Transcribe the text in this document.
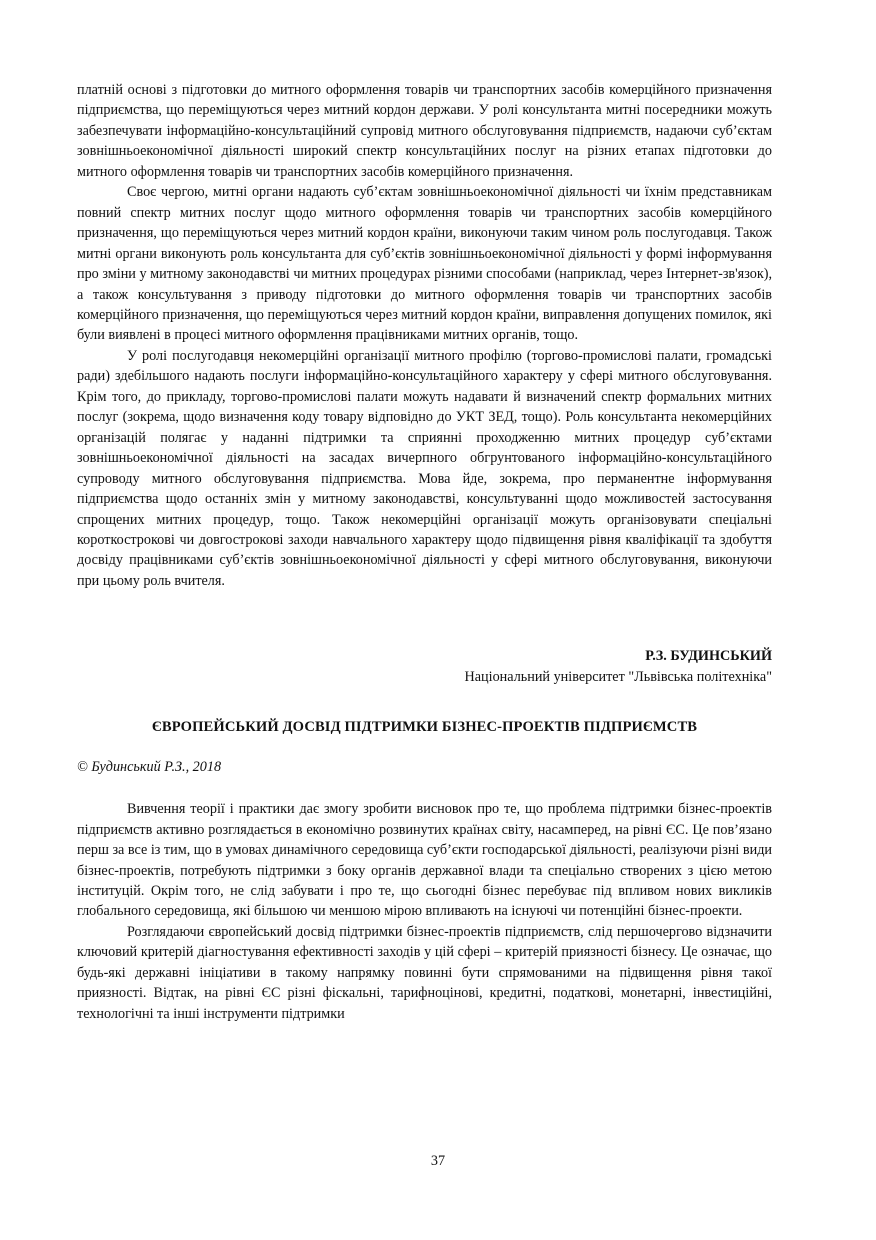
платній основі з підготовки до митного оформлення товарів чи транспортних засобів комерційного призначення підприємства, що переміщуються через митний кордон держави. У ролі консультанта митні посередники можуть забезпечувати інформаційно-консультаційний супровід митного обслуговування підприємств, надаючи суб’єктам зовнішньоекономічної діяльності широкий спектр консультаційних послуг на різних етапах підготовки до митного оформлення товарів чи транспортних засобів комерційного призначення.

Своє чергою, митні органи надають суб’єктам зовнішньоекономічної діяльності чи їхнім представникам повний спектр митних послуг щодо митного оформлення товарів чи транспортних засобів комерційного призначення, що переміщуються через митний кордон країни, виконуючи таким чином роль послугодавця. Також митні органи виконують роль консультанта для суб’єктів зовнішньоекономічної діяльності у формі інформування про зміни у митному законодавстві чи митних процедурах різними способами (наприклад, через Інтернет-зв'язок), а також консультування з приводу підготовки до митного оформлення товарів чи транспортних засобів комерційного призначення, що переміщуються через митний кордон країни, виправлення допущених помилок, які були виявлені в процесі митного оформлення працівниками митних органів, тощо.

У ролі послугодавця некомерційні організації митного профілю (торгово-промислові палати, громадські ради) здебільшого надають послуги інформаційно-консультаційного характеру у сфері митного обслуговування. Крім того, до прикладу, торгово-промислові палати можуть надавати й визначений спектр формальних митних послуг (зокрема, щодо визначення коду товару відповідно до УКТ ЗЕД, тощо). Роль консультанта некомерційних організацій полягає у наданні підтримки та сприянні проходженню митних процедур суб’єктами зовнішньоекономічної діяльності на засадах вичерпного обгрунтованого інформаційно-консультаційного супроводу митного обслуговування підприємства. Мова йде, зокрема, про перманентне інформування підприємства щодо останніх змін у митному законодавстві, консультуванні щодо можливостей застосування спрощених митних процедур, тощо. Також некомерційні організації можуть організовувати спеціальні короткострокові чи довгострокові заходи навчального характеру щодо підвищення рівня кваліфікації та здобуття досвіду працівниками суб’єктів зовнішньоекономічної діяльності у сфері митного обслуговування, виконуючи при цьому роль вчителя.

Р.З. БУДИНСЬКИЙ
Національний університет "Львівська політехніка"
ЄВРОПЕЙСЬКИЙ ДОСВІД ПІДТРИМКИ БІЗНЕС-ПРОЕКТІВ ПІДПРИЄМСТВ
© Будинський Р.З., 2018

Вивчення теорії і практики дає змогу зробити висновок про те, що проблема підтримки бізнес-проектів підприємств активно розглядається в економічно розвинутих країнах світу, насамперед, на рівні ЄС. Це пов’язано перш за все із тим, що в умовах динамічного середовища суб’єкти господарської діяльності, реалізуючи різні види бізнес-проектів, потребують підтримки з боку органів державної влади та спеціально створених з цією метою інституцій. Окрім того, не слід забувати і про те, що сьогодні бізнес перебуває під впливом нових викликів глобального середовища, які більшою чи меншою мірою впливають на існуючі чи потенційні бізнес-проекти.

Розглядаючи європейський досвід підтримки бізнес-проектів підприємств, слід першочергово відзначити ключовий критерій діагностування ефективності заходів у цій сфері – критерій приязності бізнесу. Це означає, що будь-які державні ініціативи в такому напрямку повинні бути спрямованими на підвищення рівня такої приязності. Відтак, на рівні ЄС різні фіскальні, тарифноцінові, кредитні, податкові, монетарні, інвестиційні, технологічні та інші інструменти підтримки

37
